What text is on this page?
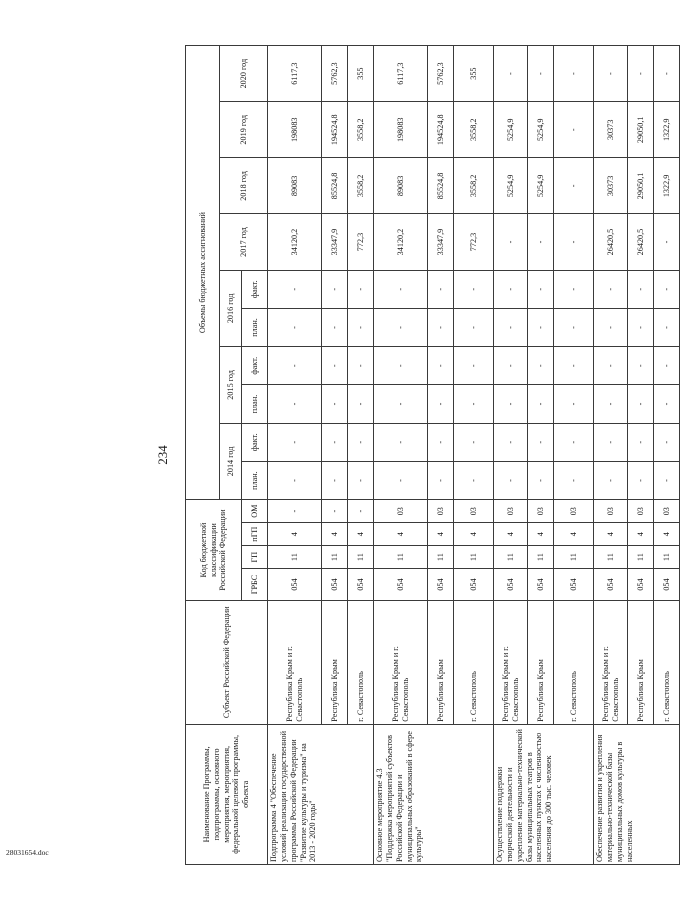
234
Наименование Программы, подпрограммы, основного мероприятия, мероприятия, федеральной целевой программы, объекта	Субъект Российской Федерации	Код бюджетной классификации Российской Федерации				Объемы бюджетных ассигнований									
						2014 год		2015 год		2016 год		2017 год	2018 год	2019 год	2020 год
		ГРБС	ГП	пГП	ОМ	план.	факт.	план.	факт.	план.	факт.				
Подпрограмма 4 "Обеспечение условий реализации государственной программы Российской Федерации "Развитие культуры и туризма" на 2013 - 2020 годы"	Республика Крым и г. Севастополь	054	11	4	-	-	-	-	-	-	-	34120,2	89083	198083	6117,3
	Республика Крым	054	11	4	-	-	-	-	-	-	-	33347,9	85524,8	194524,8	5762,3
	г. Севастополь	054	11	4	-	-	-	-	-	-	-	772,3	3558,2	3558,2	355
Основное мероприятие 4.3 "Поддержка мероприятий субъектов Российской Федерации и муниципальных образований в сфере культуры"	Республика Крым и г. Севастополь	054	11	4	03	-	-	-	-	-	-	34120,2	89083	198083	6117,3
	Республика Крым	054	11	4	03	-	-	-	-	-	-	33347,9	85524,8	194524,8	5762,3
	г. Севастополь	054	11	4	03	-	-	-	-	-	-	772,3	3558,2	3558,2	355
Осуществление поддержки творческой деятельности и укрепление материально-технической базы муниципальных театров в населенных пунктах с численностью населения до 300 тыс. человек	Республика Крым и г. Севастополь	054	11	4	03	-	-	-	-	-	-	-	5254,9	5254,9	-
	Республика Крым	054	11	4	03	-	-	-	-	-	-	-	5254,9	5254,9	-
	г. Севастополь	054	11	4	03	-	-	-	-	-	-	-	-	-	-
Обеспечение развития и укрепления материально-технической базы муниципальных домов культуры в населенных	Республика Крым и г. Севастополь	054	11	4	03	-	-	-	-	-	-	26420,5	30373	30373	-
	Республика Крым	054	11	4	03	-	-	-	-	-	-	26420,5	29050,1	29050,1	-
	г. Севастополь	054	11	4	03	-	-	-	-	-	-	-	1322,9	1322,9	-
28031654.doc
